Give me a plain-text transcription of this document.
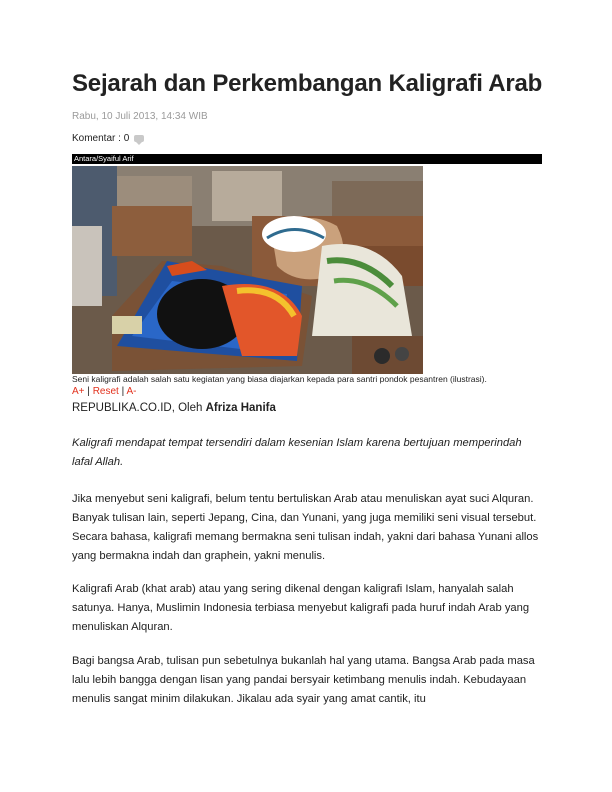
Sejarah dan Perkembangan Kaligrafi Arab
Rabu, 10 Juli 2013, 14:34 WIB
Komentar : 0
Antara/Syaiful Arif
Seni kaligrafi adalah salah satu kegiatan yang biasa diajarkan kepada para santri pondok pesantren (ilustrasi).
A+ | Reset | A-
REPUBLIKA.CO.ID, Oleh Afriza Hanifa
Kaligrafi mendapat tempat tersendiri dalam kesenian Islam karena bertujuan memperindah lafal Allah.
Jika menyebut seni kaligrafi, belum tentu bertuliskan Arab atau menuliskan ayat suci Alquran. Banyak tulisan lain, seperti Jepang, Cina, dan Yunani, yang juga memiliki seni visual tersebut. Secara bahasa, kaligrafi memang bermakna seni tulisan indah, yakni dari bahasa Yunani allos yang bermakna indah dan graphein, yakni menulis.
Kaligrafi Arab (khat arab) atau yang sering dikenal dengan kaligrafi Islam, hanyalah salah satunya. Hanya, Muslimin Indonesia terbiasa menyebut kaligrafi pada huruf indah Arab yang menuliskan Alquran.
Bagi bangsa Arab, tulisan pun sebetulnya bukanlah hal yang utama. Bangsa Arab pada masa lalu lebih bangga dengan lisan yang pandai bersyair ketimbang menulis indah. Kebudayaan menulis sangat minim dilakukan. Jikalau ada syair yang amat cantik, itu
